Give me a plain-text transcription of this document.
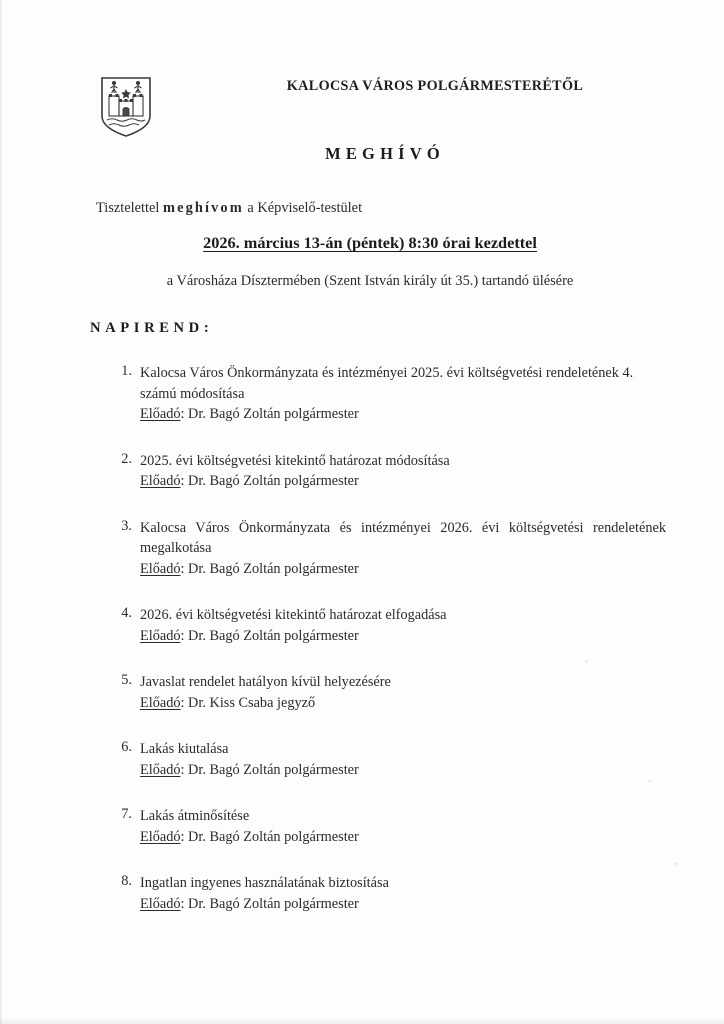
KALOCSA VÁROS POLGÁRMESTERÉTŐL
MEGHÍVÓ
Tisztelettel meghívom a Képviselő-testület
2026. március 13-án (péntek) 8:30 órai kezdettel
a Városháza Dísztermében (Szent István király út 35.) tartandó ülésére
NAPIREND:
1. Kalocsa Város Önkormányzata és intézményei 2025. évi költségvetési rendeletének 4. számú módosítása
Előadó: Dr. Bagó Zoltán polgármester
2. 2025. évi költségvetési kitekintő határozat módosítása
Előadó: Dr. Bagó Zoltán polgármester
3. Kalocsa Város Önkormányzata és intézményei 2026. évi költségvetési rendeletének megalkotása
Előadó: Dr. Bagó Zoltán polgármester
4. 2026. évi költségvetési kitekintő határozat elfogadása
Előadó: Dr. Bagó Zoltán polgármester
5. Javaslat rendelet hatályon kívül helyezésére
Előadó: Dr. Kiss Csaba jegyző
6. Lakás kiutalása
Előadó: Dr. Bagó Zoltán polgármester
7. Lakás átminősítése
Előadó: Dr. Bagó Zoltán polgármester
8. Ingatlan ingyenes használatának biztosítása
Előadó: Dr. Bagó Zoltán polgármester
